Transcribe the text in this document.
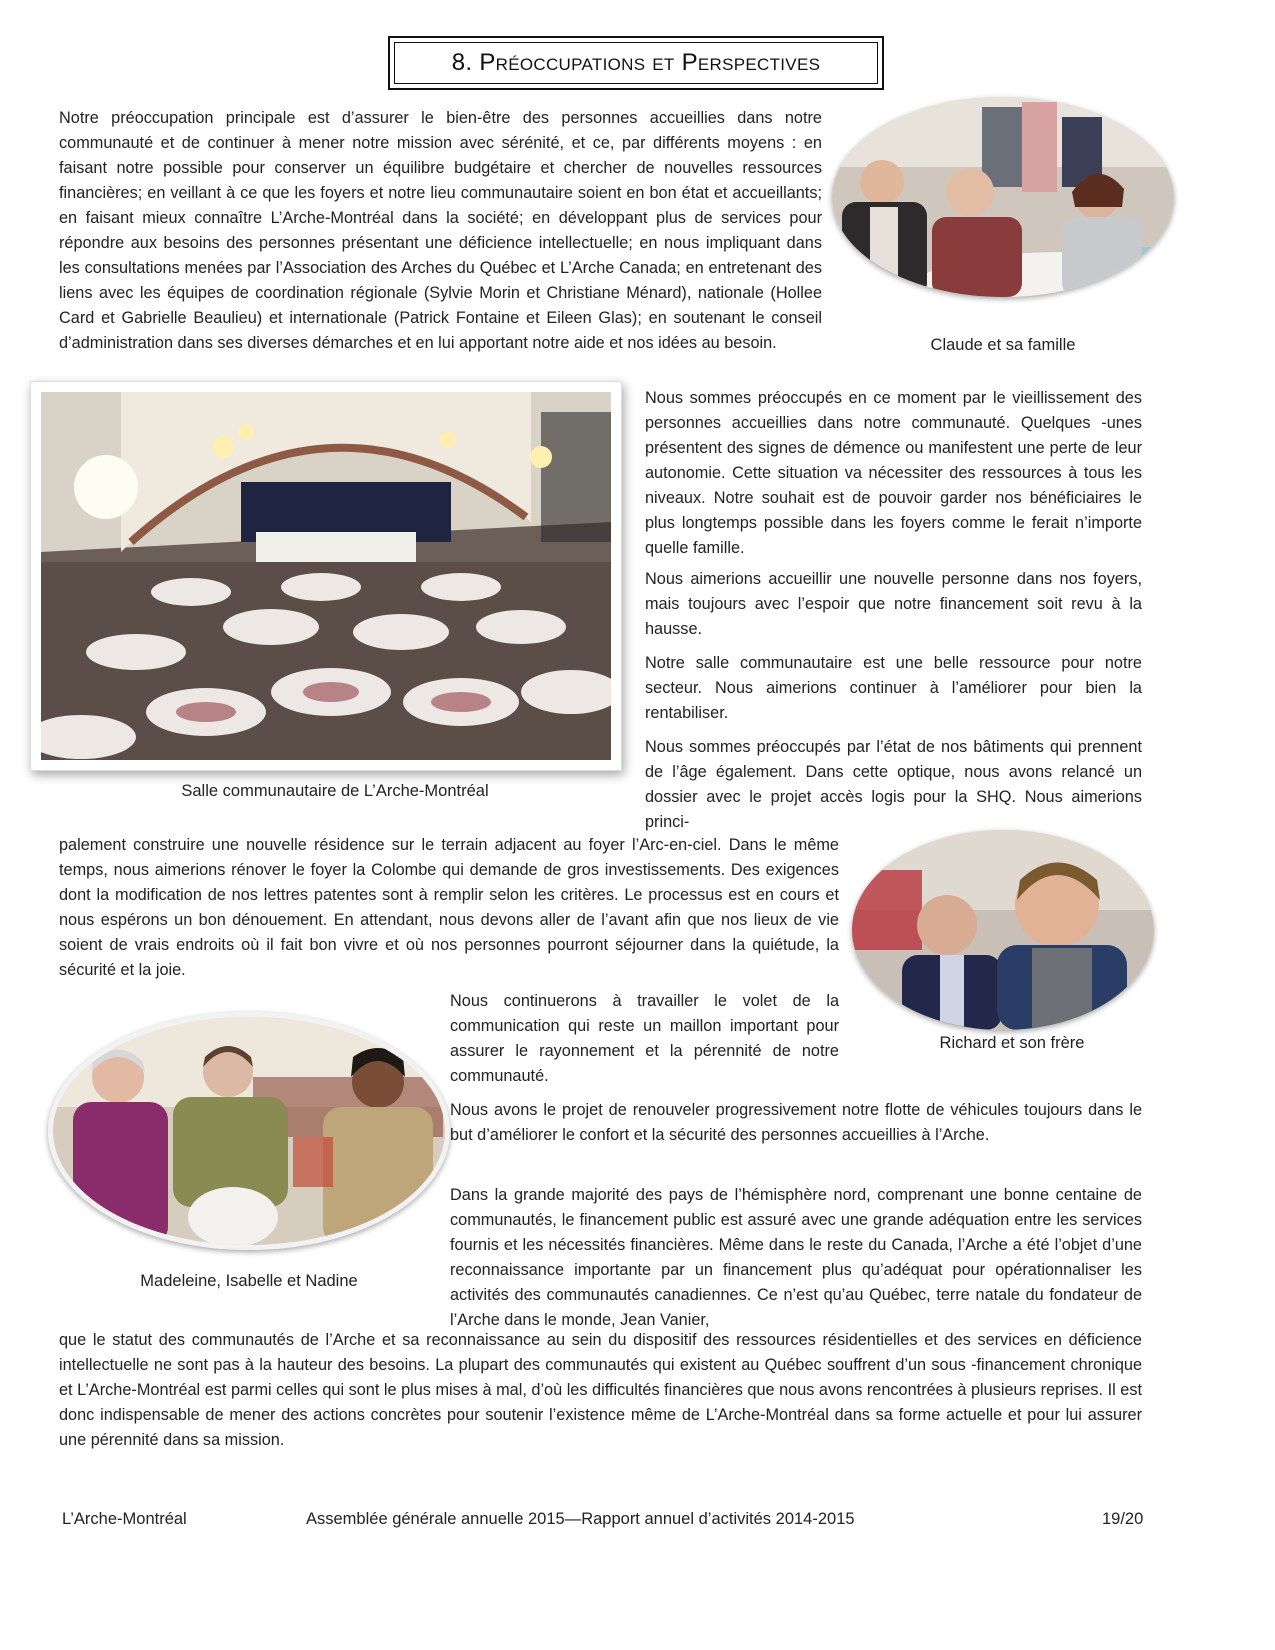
8. Préoccupations et Perspectives

Notre préoccupation principale est d’assurer le bien-être des personnes accueillies dans notre communauté et de continuer à mener notre mission avec sérénité, et ce, par différents moyens : en faisant notre possible pour conserver un équilibre budgétaire et chercher de nouvelles ressources financières; en veillant à ce que les foyers et notre lieu communautaire soient en bon état et accueillants; en faisant mieux connaître L’Arche-Montréal dans la société; en développant plus de services pour répondre aux besoins des personnes présentant une déficience intellectuelle; en nous impliquant dans les consultations menées par l’Association des Arches du Québec et L’Arche Canada; en entretenant des liens avec les équipes de coordination régionale (Sylvie Morin et Christiane Ménard), nationale (Hollee Card et Gabrielle Beaulieu) et internationale (Patrick Fontaine et Eileen Glas); en soutenant le conseil d’administration dans ses diverses démarches et en lui apportant notre aide et nos idées au besoin.	Claude et sa famille
Salle communautaire de L’Arche-Montréal

Nous sommes préoccupés en ce moment par le vieillissement des personnes accueillies dans notre communauté. Quelques -unes présentent des signes de démence ou manifestent une perte de leur autonomie. Cette situation va nécessiter des ressources à tous les niveaux. Notre souhait est de pouvoir garder nos bénéficiaires le plus longtemps possible dans les foyers comme le ferait n’importe quelle famille.

Nous aimerions accueillir une nouvelle personne dans nos foyers, mais toujours avec l’espoir que notre financement soit revu à la hausse.

Notre salle communautaire est une belle ressource pour notre secteur. Nous aimerions continuer à l’améliorer pour bien la rentabiliser.

Nous sommes préoccupés par l’état de nos bâtiments qui prennent de l’âge également. Dans cette optique, nous avons relancé un dossier avec le projet accès logis pour la SHQ. Nous aimerions princi-

palement construire une nouvelle résidence sur le terrain adjacent au foyer l’Arc-en-ciel. Dans le même temps, nous aimerions rénover le foyer la Colombe qui demande de gros investissements. Des exigences dont la modification de nos lettres patentes sont à remplir selon les critères. Le processus est en cours et nous espérons un bon dénouement. En attendant, nous devons aller de l’avant afin que nos lieux de vie soient de vrais endroits où il fait bon vivre et où nos personnes pourront séjourner dans la quiétude, la sécurité et la joie.

Richard et son frère
Madeleine, Isabelle et Nadine

Nous continuerons à travailler le volet de la communication qui reste un maillon important pour assurer le rayonnement et la pérennité de notre communauté.

Nous avons le projet de renouveler progressivement notre flotte de véhicules toujours dans le but d’améliorer le confort et la sécurité des personnes accueillies à l’Arche.

Dans la grande majorité des pays de l’hémisphère nord, comprenant une bonne centaine de communautés, le financement public est assuré avec une grande adéquation entre les services fournis et les nécessités financières. Même dans le reste du Canada, l’Arche a été l’objet d’une reconnaissance importante par un financement plus qu’adéquat pour opérationnaliser les activités des communautés canadiennes. Ce n’est qu’au Québec, terre natale du fondateur de l’Arche dans le monde, Jean Vanier,

que le statut des communautés de l’Arche et sa reconnaissance au sein du dispositif des ressources résidentielles et des services en déficience intellectuelle ne sont pas à la hauteur des besoins. La plupart des communautés qui existent au Québec souffrent d’un sous -financement chronique et L’Arche-Montréal est parmi celles qui sont le plus mises à mal, d’où les difficultés financières que nous avons rencontrées à plusieurs reprises. Il est donc indispensable de mener des actions concrètes pour soutenir l’existence même de L’Arche-Montréal dans sa forme actuelle et pour lui assurer une pérennité dans sa mission.

L’Arche-Montréal	Assemblée générale annuelle 2015—Rapport annuel d’activités 2014-2015	19/20
